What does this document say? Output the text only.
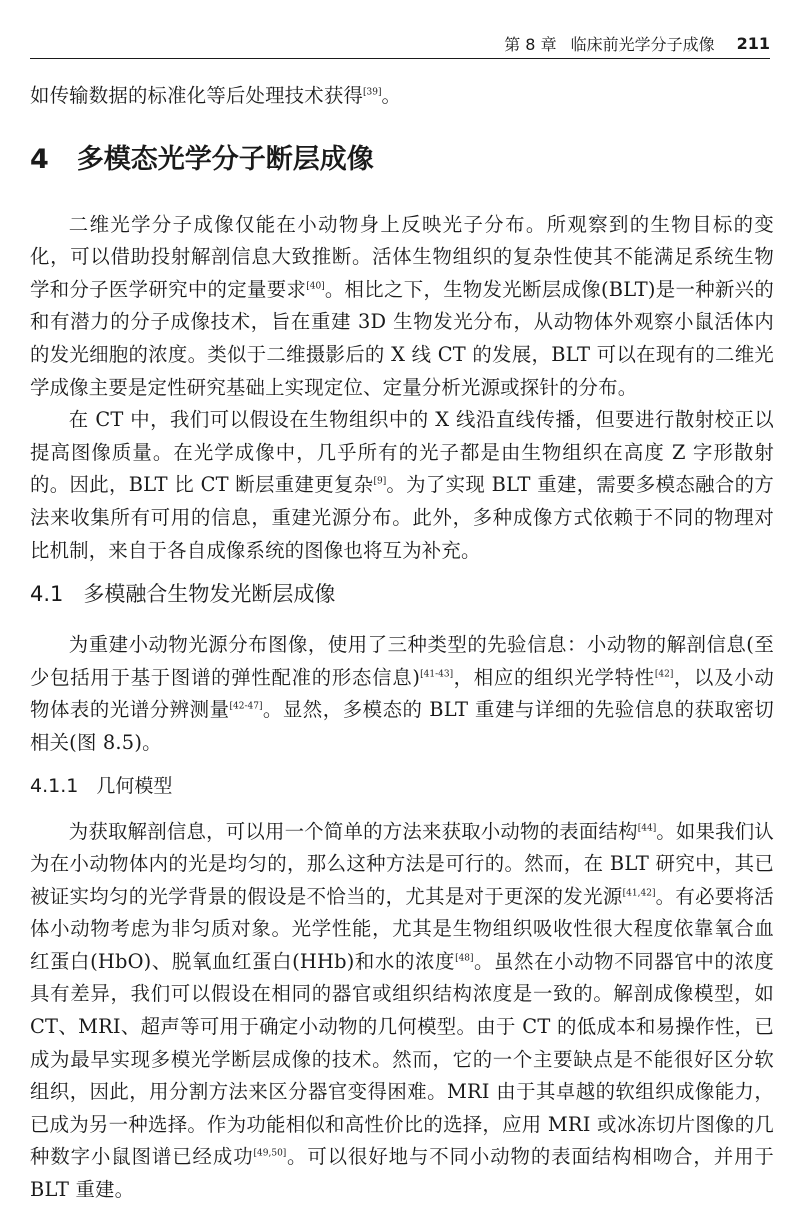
第 8 章 临床前光学分子成像 211

如传输数据的标准化等后处理技术获得[39]。

4 多模态光学分子断层成像

二维光学分子成像仅能在小动物身上反映光子分布。所观察到的生物目标的变化，可以借助投射解剖信息大致推断。活体生物组织的复杂性使其不能满足系统生物学和分子医学研究中的定量要求[40]。相比之下，生物发光断层成像(BLT)是一种新兴的和有潜力的分子成像技术，旨在重建 3D 生物发光分布，从动物体外观察小鼠活体内的发光细胞的浓度。类似于二维摄影后的 X 线 CT 的发展，BLT 可以在现有的二维光学成像主要是定性研究基础上实现定位、定量分析光源或探针的分布。

在 CT 中，我们可以假设在生物组织中的 X 线沿直线传播，但要进行散射校正以提高图像质量。在光学成像中，几乎所有的光子都是由生物组织在高度 Z 字形散射的。因此，BLT 比 CT 断层重建更复杂[9]。为了实现 BLT 重建，需要多模态融合的方法来收集所有可用的信息，重建光源分布。此外，多种成像方式依赖于不同的物理对比机制，来自于各自成像系统的图像也将互为补充。

4.1 多模融合生物发光断层成像

为重建小动物光源分布图像，使用了三种类型的先验信息：小动物的解剖信息(至少包括用于基于图谱的弹性配准的形态信息)[41-43]，相应的组织光学特性[42]，以及小动物体表的光谱分辨测量[42-47]。显然，多模态的 BLT 重建与详细的先验信息的获取密切相关(图 8.5)。

4.1.1 几何模型

为获取解剖信息，可以用一个简单的方法来获取小动物的表面结构[44]。如果我们认为在小动物体内的光是均匀的，那么这种方法是可行的。然而，在 BLT 研究中，其已被证实均匀的光学背景的假设是不恰当的，尤其是对于更深的发光源[41,42]。有必要将活体小动物考虑为非匀质对象。光学性能，尤其是生物组织吸收性很大程度依靠氧合血红蛋白(HbO)、脱氧血红蛋白(HHb)和水的浓度[48]。虽然在小动物不同器官中的浓度具有差异，我们可以假设在相同的器官或组织结构浓度是一致的。解剖成像模型，如 CT、MRI、超声等可用于确定小动物的几何模型。由于 CT 的低成本和易操作性，已成为最早实现多模光学断层成像的技术。然而，它的一个主要缺点是不能很好区分软组织，因此，用分割方法来区分器官变得困难。MRI 由于其卓越的软组织成像能力，已成为另一种选择。作为功能相似和高性价比的选择，应用 MRI 或冰冻切片图像的几种数字小鼠图谱已经成功[49,50]。可以很好地与不同小动物的表面结构相吻合，并用于 BLT 重建。
